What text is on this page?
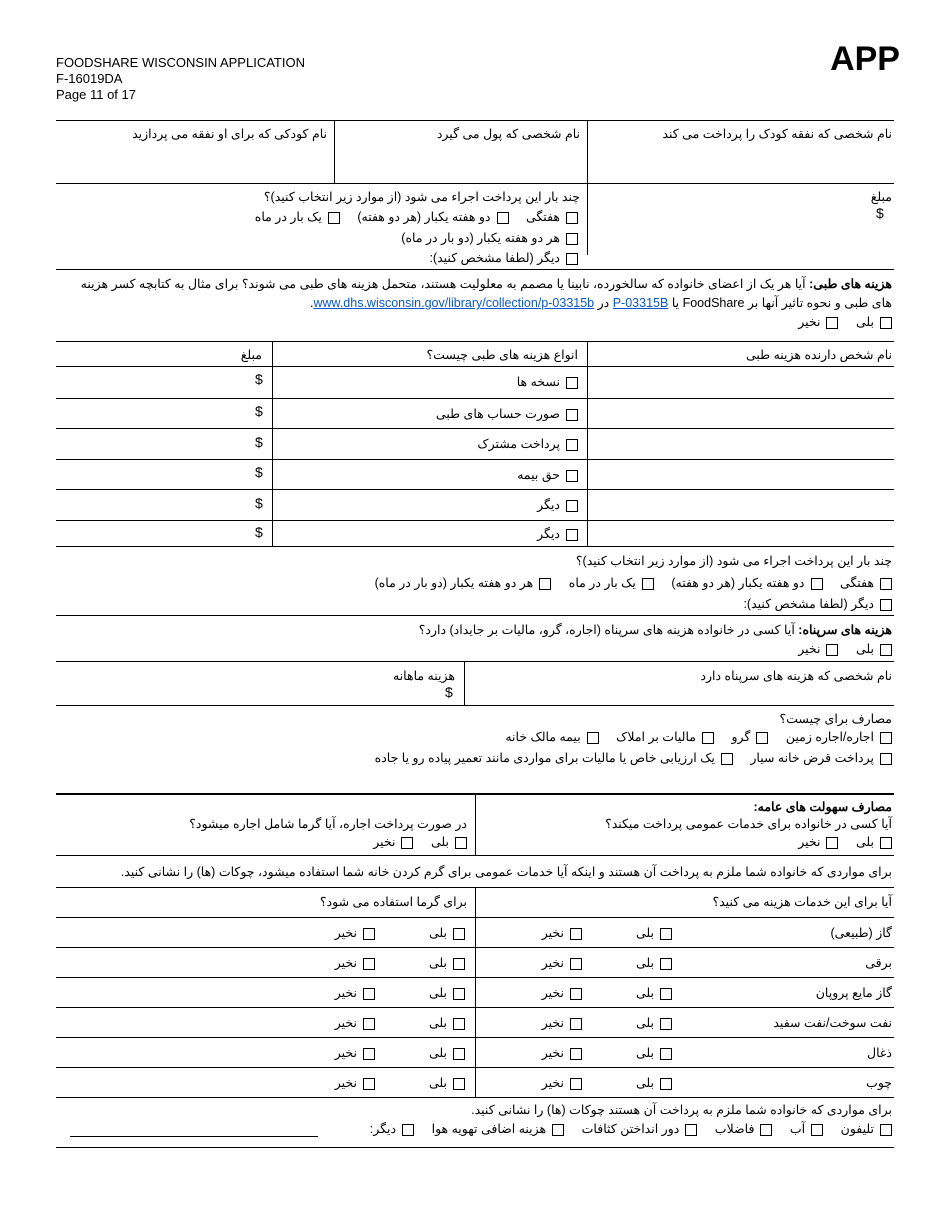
FOODSHARE WISCONSIN APPLICATION
F-16019DA
Page 11 of 17
APP
نام شخصی که نفقه کودک را پرداخت می کند
نام شخصی که پول می گیرد
نام کودکی که برای او نفقه می پردازید
مبلغ
$
چند بار این پرداخت اجراء می شود (از موارد زیر انتخاب کنید)؟
هفتگی دو هفته یکبار (هر دو هفته) یک بار در ماه
هر دو هفته یکبار (دو بار در ماه)
دیگر (لطفا مشخص کنید):
هزینه های طبی: آیا هر یک از اعضای خانواده که سالخورده، نابینا یا مصمم به معلولیت هستند، متحمل هزینه های طبی می شوند؟ برای مثال به کتابچه کسر هزینه
های طبی و نحوه تاثیر آنها بر FoodShare یا P-03315B در www.dhs.wisconsin.gov/library/collection/p-03315b.
بلی نخیر
نام شخص دارنده هزینه طبی
انواع هزینه های طبی چیست؟
مبلغ
نسخه ها
صورت حساب های طبی
پرداخت مشترک
حق بیمه
دیگر
دیگر
$
$
$
$
$
$
چند بار این پرداخت اجراء می شود (از موارد زیر انتخاب کنید)؟
هفتگی دو هفته یکبار (هر دو هفته) یک بار در ماه هر دو هفته یکبار (دو بار در ماه)
دیگر (لطفا مشخص کنید):
هزینه های سرپناه: آیا کسی در خانواده هزینه های سرپناه (اجاره، گرو، مالیات بر جایداد) دارد؟
بلی نخیر
نام شخصی که هزینه های سرپناه دارد
هزینه ماهانه
$
مصارف برای چیست؟
اجاره/اجاره زمین گرو مالیات بر املاک بیمه مالک خانه
پرداخت قرض خانه سیار یک ارزیابی خاص یا مالیات برای مواردی مانند تعمیر پیاده رو یا جاده
مصارف سهولت های عامه:
آیا کسی در خانواده برای خدمات عمومی پرداخت میکند؟
بلی نخیر
در صورت پرداخت اجاره، آیا گرما شامل اجاره میشود؟
بلی نخیر
برای مواردی که خانواده شما ملزم به پرداخت آن هستند و اینکه آیا خدمات عمومی برای گرم کردن خانه شما استفاده میشود، چوکات (ها) را نشانی کنید.
آیا برای این خدمات هزینه می کنید؟
برای گرما استفاده می شود؟
گاز (طبیعی)
بلینخیر
بلینخیر
برقی
بلینخیر
بلینخیر
گاز مایع پروپان
بلینخیر
بلینخیر
نفت سوخت/نفت سفید
بلینخیر
بلینخیر
ذغال
بلینخیر
بلینخیر
چوب
بلینخیر
بلینخیر
برای مواردی که خانواده شما ملزم به پرداخت آن هستند چوکات (ها) را نشانی کنید.
تلیفون آب فاضلاب دور انداختن کثافات هزینه اضافی تهویه هوا دیگر:
